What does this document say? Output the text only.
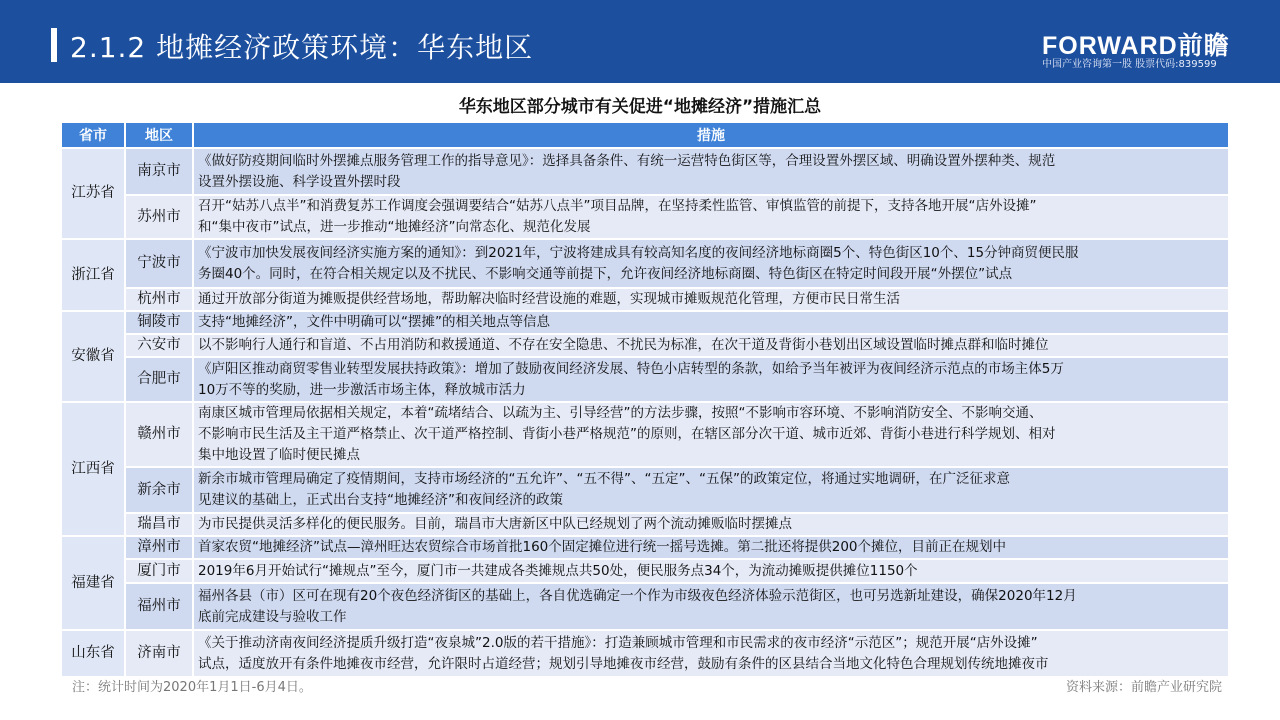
2.1.2 地摊经济政策环境：华东地区	FORWARD前瞻
中国产业咨询第一股 股票代码:839599
华东地区部分城市有关促进“地摊经济”措施汇总
省市	地区	措施
江苏省	南京市	《做好防疫期间临时外摆摊点服务管理工作的指导意见》：选择具备条件、有统一运营特色街区等，合理设置外摆区域、明确设置外摆种类、规范
设置外摆设施、科学设置外摆时段

	苏州市	召开“姑苏八点半”和消费复苏工作调度会强调要结合“姑苏八点半”项目品牌，在坚持柔性监管、审慎监管的前提下，支持各地开展“店外设摊”
和“集中夜市”试点，进一步推动“地摊经济”向常态化、规范化发展

浙江省	宁波市	《宁波市加快发展夜间经济实施方案的通知》：到2021年，宁波将建成具有较高知名度的夜间经济地标商圈5个、特色街区10个、15分钟商贸便民服
务圈40个。同时，在符合相关规定以及不扰民、不影响交通等前提下，允许夜间经济地标商圈、特色街区在特定时间段开展“外摆位”试点

	杭州市	通过开放部分街道为摊贩提供经营场地，帮助解决临时经营设施的难题，实现城市摊贩规范化管理，方便市民日常生活

安徽省	铜陵市	支持“地摊经济”，文件中明确可以“摆摊”的相关地点等信息

	六安市	以不影响行人通行和盲道、不占用消防和救援通道、不存在安全隐患、不扰民为标准，在次干道及背街小巷划出区域设置临时摊点群和临时摊位

	合肥市	《庐阳区推动商贸零售业转型发展扶持政策》：增加了鼓励夜间经济发展、特色小店转型的条款，如给予当年被评为夜间经济示范点的市场主体5万
10万不等的奖励，进一步激活市场主体，释放城市活力

江西省	赣州市	南康区城市管理局依据相关规定，本着“疏堵结合、以疏为主、引导经营”的方法步骤，按照“不影响市容环境、不影响消防安全、不影响交通、
不影响市民生活及主干道严格禁止、次干道严格控制、背街小巷严格规范”的原则，在辖区部分次干道、城市近郊、背街小巷进行科学规划、相对
集中地设置了临时便民摊点

	新余市	新余市城市管理局确定了疫情期间，支持市场经济的“五允许”、“五不得”、“五定”、“五保”的政策定位，将通过实地调研，在广泛征求意
见建议的基础上，正式出台支持“地摊经济”和夜间经济的政策

	瑞昌市	为市民提供灵活多样化的便民服务。目前，瑞昌市大唐新区中队已经规划了两个流动摊贩临时摆摊点

福建省	漳州市	首家农贸“地摊经济”试点—漳州旺达农贸综合市场首批160个固定摊位进行统一摇号选摊。第二批还将提供200个摊位，目前正在规划中

	厦门市	2019年6月开始试行“摊规点”至今，厦门市一共建成各类摊规点共50处，便民服务点34个，为流动摊贩提供摊位1150个

	福州市	福州各县（市）区可在现有20个夜色经济街区的基础上，各自优选确定一个作为市级夜色经济体验示范街区，也可另选新址建设，确保2020年12月
底前完成建设与验收工作

山东省	济南市	《关于推动济南夜间经济提质升级打造“夜泉城”2.0版的若干措施》：打造兼顾城市管理和市民需求的夜市经济“示范区”；规范开展“店外设摊”
试点，适度放开有条件地摊夜市经营，允许限时占道经营；规划引导地摊夜市经营，鼓励有条件的区县结合当地文化特色合理规划传统地摊夜市
注：统计时间为2020年1月1日-6月4日。	资料来源：前瞻产业研究院
